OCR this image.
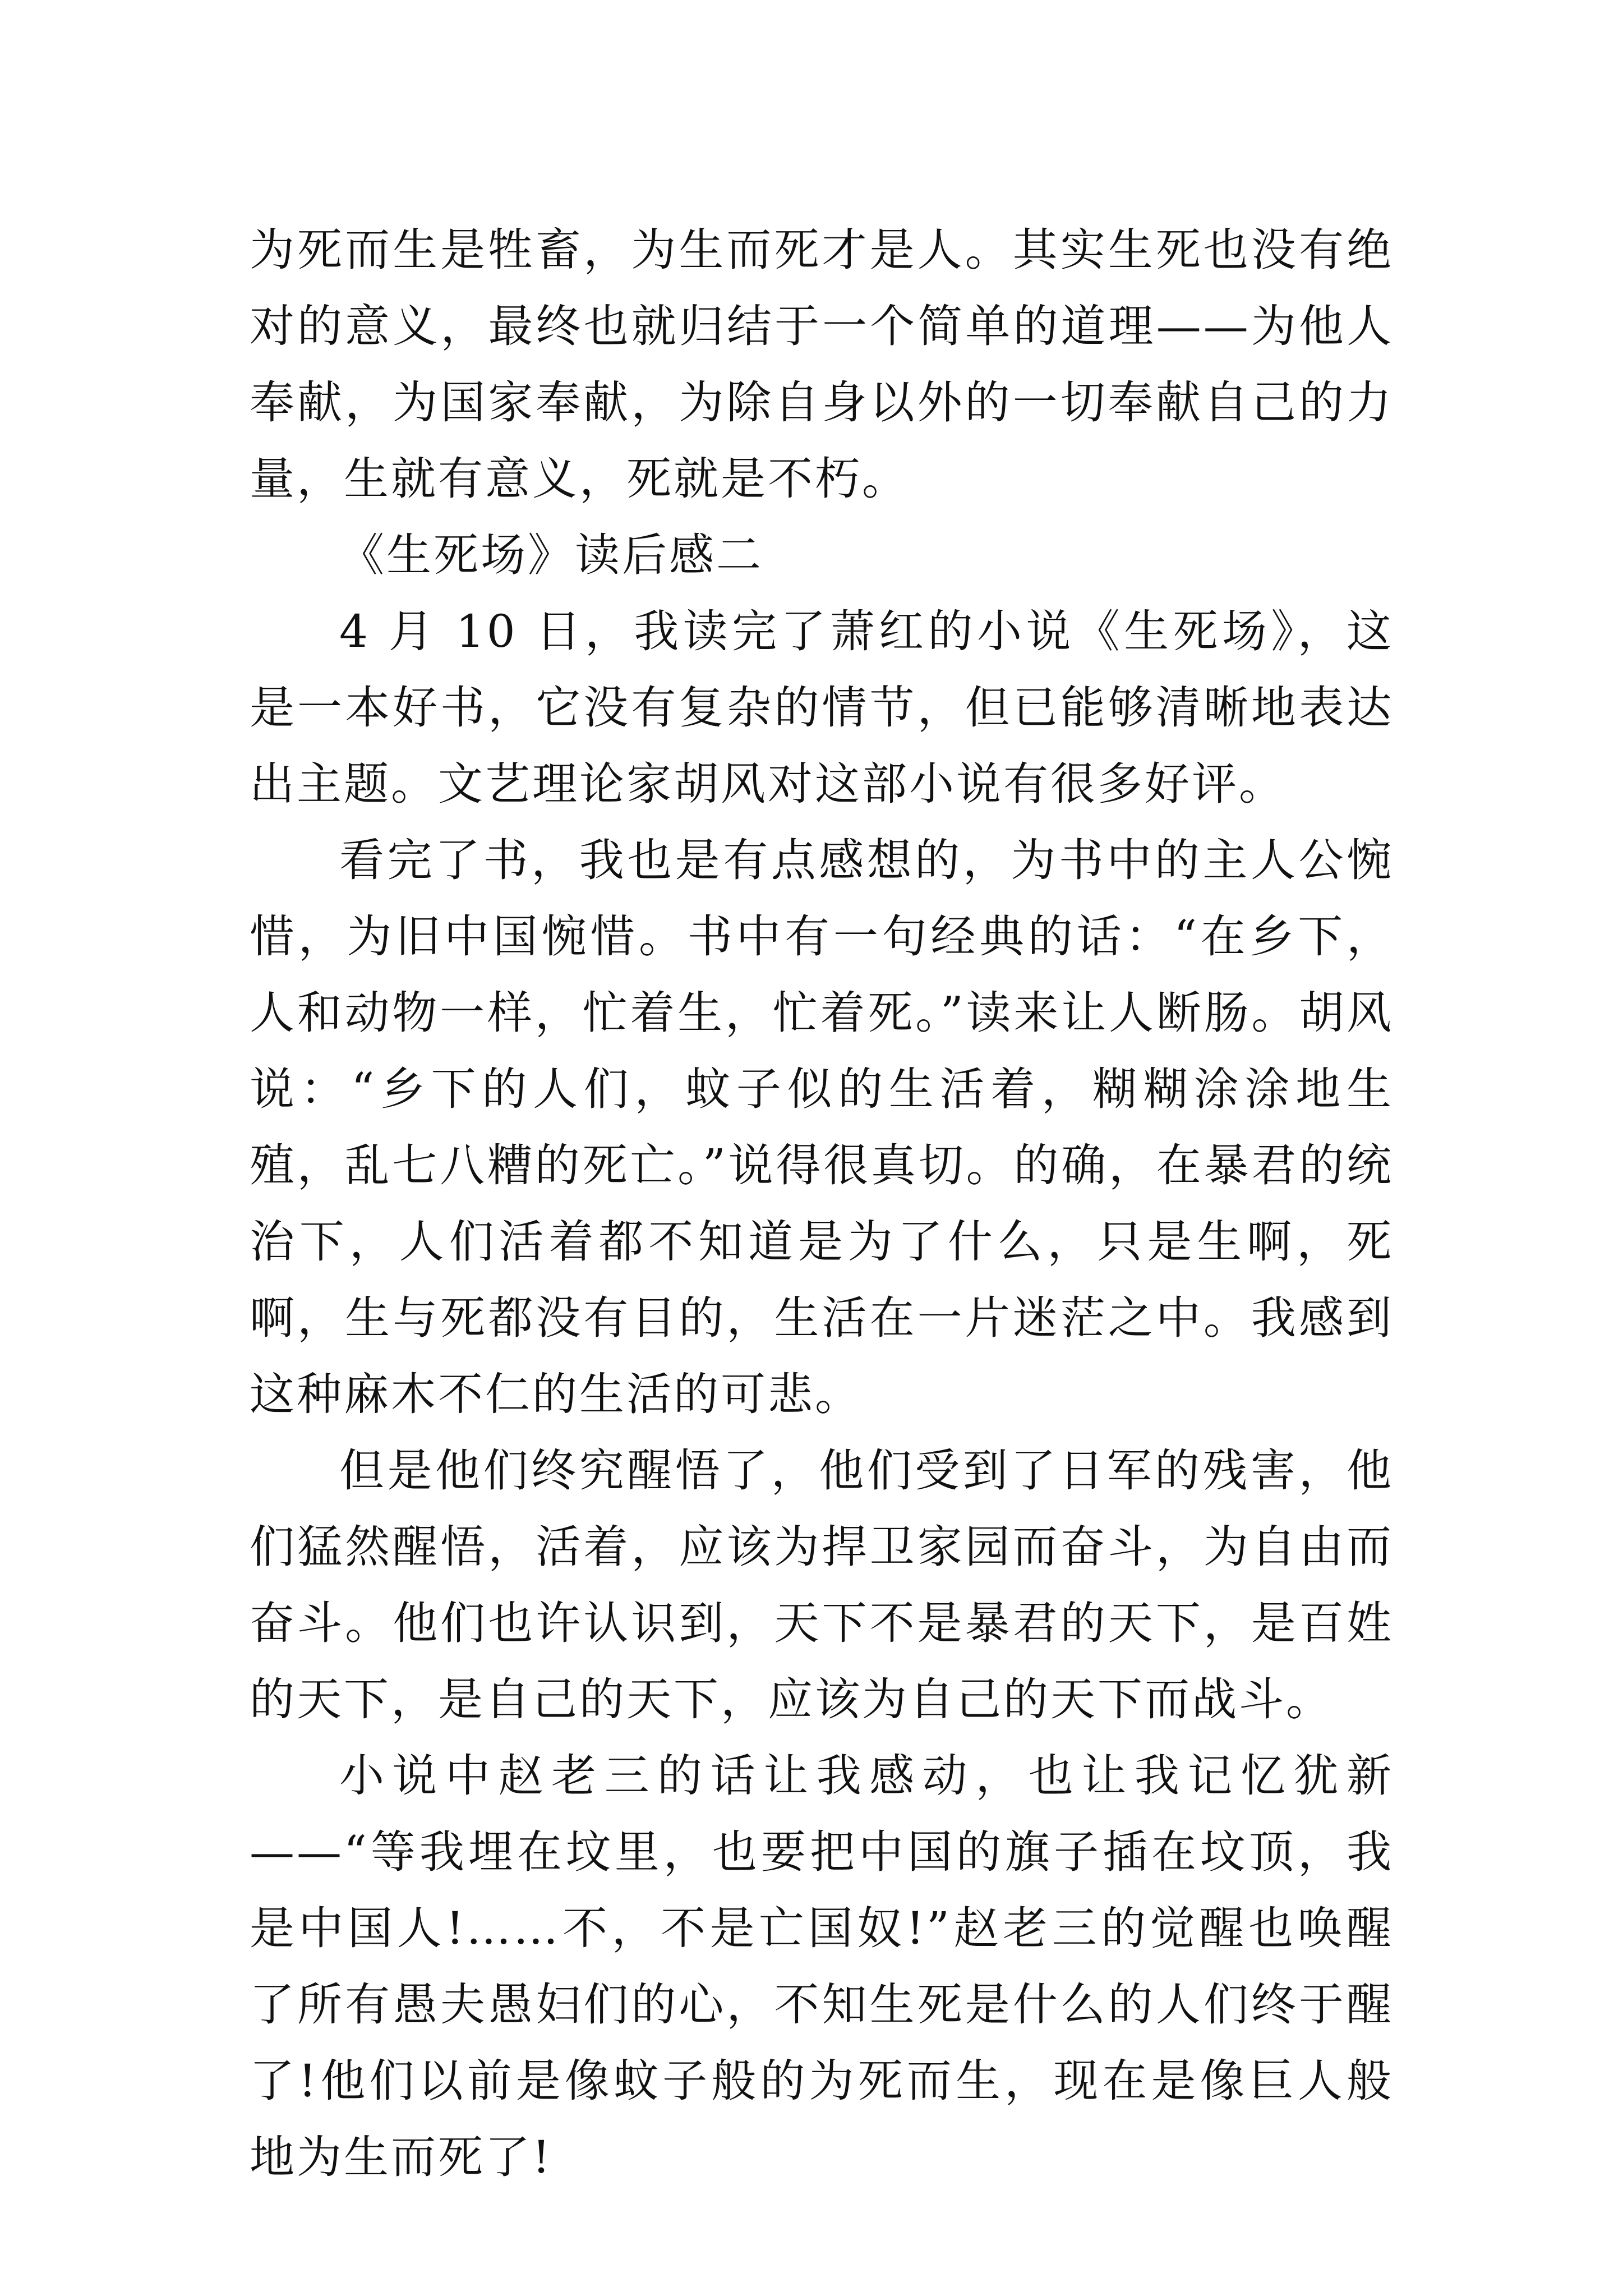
为死而生是牲畜，为生而死才是人。其实生死也没有绝对的意义，最终也就归结于一个简单的道理——为他人奉献，为国家奉献，为除自身以外的一切奉献自己的力量，生就有意义，死就是不朽。

《生死场》读后感二

4 月 10 日，我读完了萧红的小说《生死场》，这是一本好书，它没有复杂的情节，但已能够清晰地表达出主题。文艺理论家胡风对这部小说有很多好评。

看完了书，我也是有点感想的，为书中的主人公惋惜，为旧中国惋惜。书中有一句经典的话：“在乡下，人和动物一样，忙着生，忙着死。”读来让人断肠。胡风说：“乡下的人们，蚊子似的生活着，糊糊涂涂地生殖，乱七八糟的死亡。”说得很真切。的确，在暴君的统治下，人们活着都不知道是为了什么，只是生啊，死啊，生与死都没有目的，生活在一片迷茫之中。我感到这种麻木不仁的生活的可悲。

但是他们终究醒悟了，他们受到了日军的残害，他们猛然醒悟，活着，应该为捍卫家园而奋斗，为自由而奋斗。他们也许认识到，天下不是暴君的天下，是百姓的天下，是自己的天下，应该为自己的天下而战斗。

小说中赵老三的话让我感动，也让我记忆犹新——“等我埋在坟里，也要把中国的旗子插在坟顶，我是中国人!……不，不是亡国奴!”赵老三的觉醒也唤醒了所有愚夫愚妇们的心，不知生死是什么的人们终于醒了!他们以前是像蚊子般的为死而生，现在是像巨人般地为生而死了!
